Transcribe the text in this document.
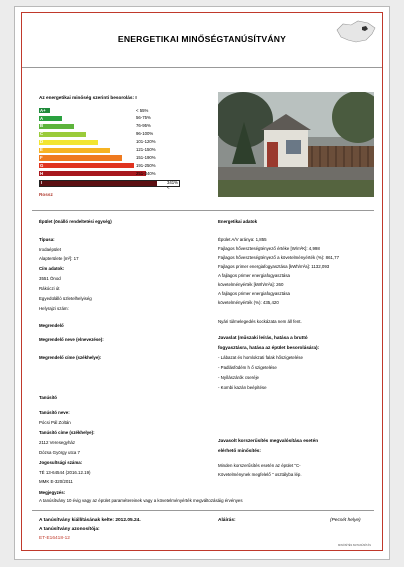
ENERGETIKAI MINŐSÉGTANÚSÍTVÁNY
Az energetikai minőség szerinti besorolás: I
A+	< 55%
A	56-75%
B	76-95%
C	96-100%
D	101-120%
E	121-150%
F	151-190%
G	191-250%
H	251-340%
I	341% <
Rossz
Épület (önálló rendeltetési egység)
Típusa:
Irodaépület
Alapterülete [m²]: 17
Cím adatok:
3551 Ónod
Rákóczi út
Egyedülálló üzletelhelyiség
Helyrajzi szám:
Megrendelő
Megrendelő neve (elnevezése):
Megrendelő címe (székhelye):
Tanúsító
Tanúsító neve:
Pócsi Pál Zoltán
Tanúsító címe (székhelye):
2112 Veresegyház
Dózsa György utca 7
Jogosultsági száma:
TÉ 13-64544 (2016.12.19)
MMK E-320/2011
Energetikai adatok
Épület A/V aránya: 1,855
Fajlagos hőveszteségtényező értéke [W/m²K]: 4,998
Fajlagos hőveszteségtényező a követelményérték (%): 861,77
Fajlagos primer energiafogyasztása [kWh/m²a]: 1132,093
A fajlagos primer energiafogyasztása
követelményérték [kWh/m²a]: 260
A fajlagos primer energiafogyasztása
követelményérték (%): 435,420
Nyári túlmelegedés kockázata nem áll fent.
Javaslat (műszaki leírás, hatása a bruttó
fogyasztásra, hatása az épület besorolására):
- Lábazat és homlokzati falak hőszigetelése
- Padlásfödém h ő szigetelése
- Nyílászárók cseréje
- Kombi kazán beépítése
Javasolt korszerűsítés megvalósítása esetén
elérhető minősítés:
Minden korszerűsítés esetén az épület "C-
Követelménynek megfelelő " osztályba lép.
Megjegyzés:
A tanúsítvány 10 évig vagy az épület paramétereinek vagy a követelményérték megváltozásáig érvényes
A tanúsítvány kiállításának kelte: 2012.05.24.
A tanúsítvány azonosítója:
ET-E16418-12
Aláírás:	(Pecsét helye)
MINŐSÍTÉS 84/TANÚSÍTÁS
